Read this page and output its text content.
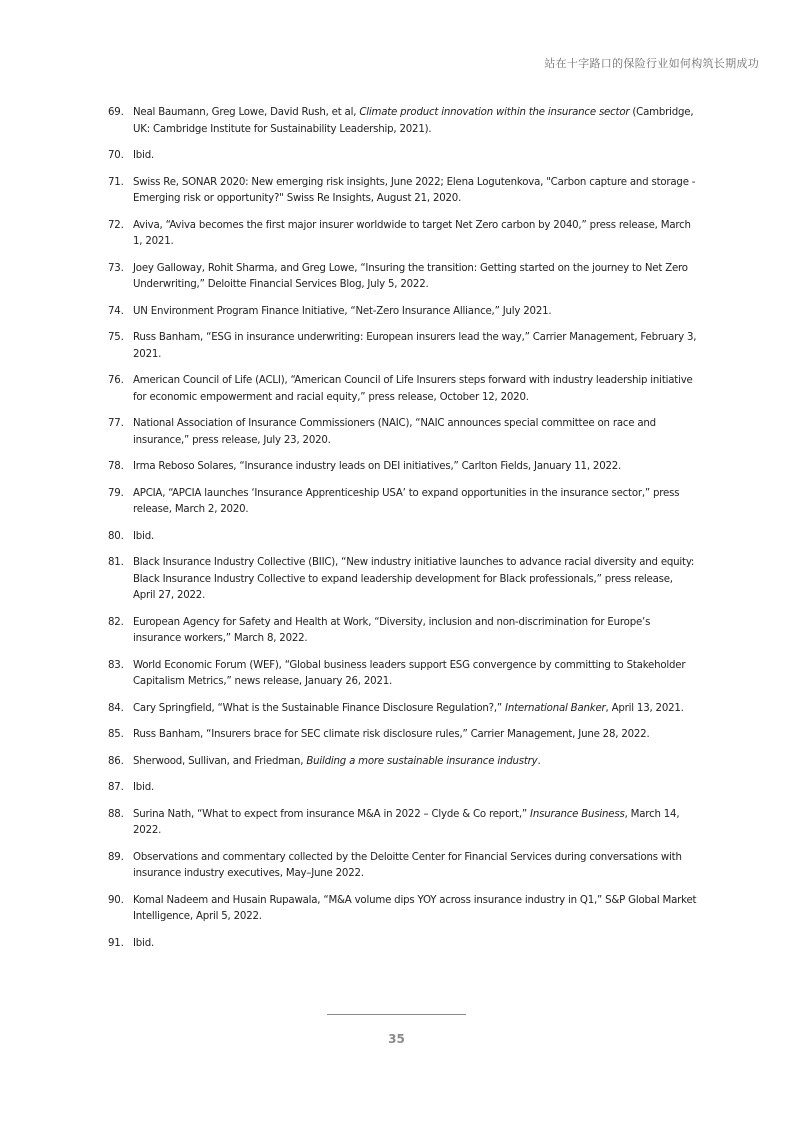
站在十字路口的保险行业如何构筑长期成功
69. Neal Baumann, Greg Lowe, David Rush, et al, Climate product innovation within the insurance sector (Cambridge, UK: Cambridge Institute for Sustainability Leadership, 2021).
70. Ibid.
71. Swiss Re, SONAR 2020: New emerging risk insights, June 2022; Elena Logutenkova, "Carbon capture and storage - Emerging risk or opportunity?" Swiss Re Insights, August 21, 2020.
72. Aviva, “Aviva becomes the first major insurer worldwide to target Net Zero carbon by 2040,” press release, March 1, 2021.
73. Joey Galloway, Rohit Sharma, and Greg Lowe, “Insuring the transition: Getting started on the journey to Net Zero Underwriting,” Deloitte Financial Services Blog, July 5, 2022.
74. UN Environment Program Finance Initiative, “Net-Zero Insurance Alliance,” July 2021.
75. Russ Banham, “ESG in insurance underwriting: European insurers lead the way,” Carrier Management, February 3, 2021.
76. American Council of Life (ACLI), “American Council of Life Insurers steps forward with industry leadership initiative for economic empowerment and racial equity,” press release, October 12, 2020.
77. National Association of Insurance Commissioners (NAIC), “NAIC announces special committee on race and insurance,” press release, July 23, 2020.
78. Irma Reboso Solares, “Insurance industry leads on DEI initiatives,” Carlton Fields, January 11, 2022.
79. APCIA, “APCIA launches ‘Insurance Apprenticeship USA’ to expand opportunities in the insurance sector,” press release, March 2, 2020.
80. Ibid.
81. Black Insurance Industry Collective (BIIC), “New industry initiative launches to advance racial diversity and equity: Black Insurance Industry Collective to expand leadership development for Black professionals,” press release, April 27, 2022.
82. European Agency for Safety and Health at Work, “Diversity, inclusion and non-discrimination for Europe’s insurance workers,” March 8, 2022.
83. World Economic Forum (WEF), “Global business leaders support ESG convergence by committing to Stakeholder Capitalism Metrics,” news release, January 26, 2021.
84. Cary Springfield, “What is the Sustainable Finance Disclosure Regulation?,” International Banker, April 13, 2021.
85. Russ Banham, “Insurers brace for SEC climate risk disclosure rules,” Carrier Management, June 28, 2022.
86. Sherwood, Sullivan, and Friedman, Building a more sustainable insurance industry.
87. Ibid.
88. Surina Nath, “What to expect from insurance M&A in 2022 – Clyde & Co report,” Insurance Business, March 14, 2022.
89. Observations and commentary collected by the Deloitte Center for Financial Services during conversations with insurance industry executives, May–June 2022.
90. Komal Nadeem and Husain Rupawala, “M&A volume dips YOY across insurance industry in Q1,” S&P Global Market Intelligence, April 5, 2022.
91. Ibid.
35
